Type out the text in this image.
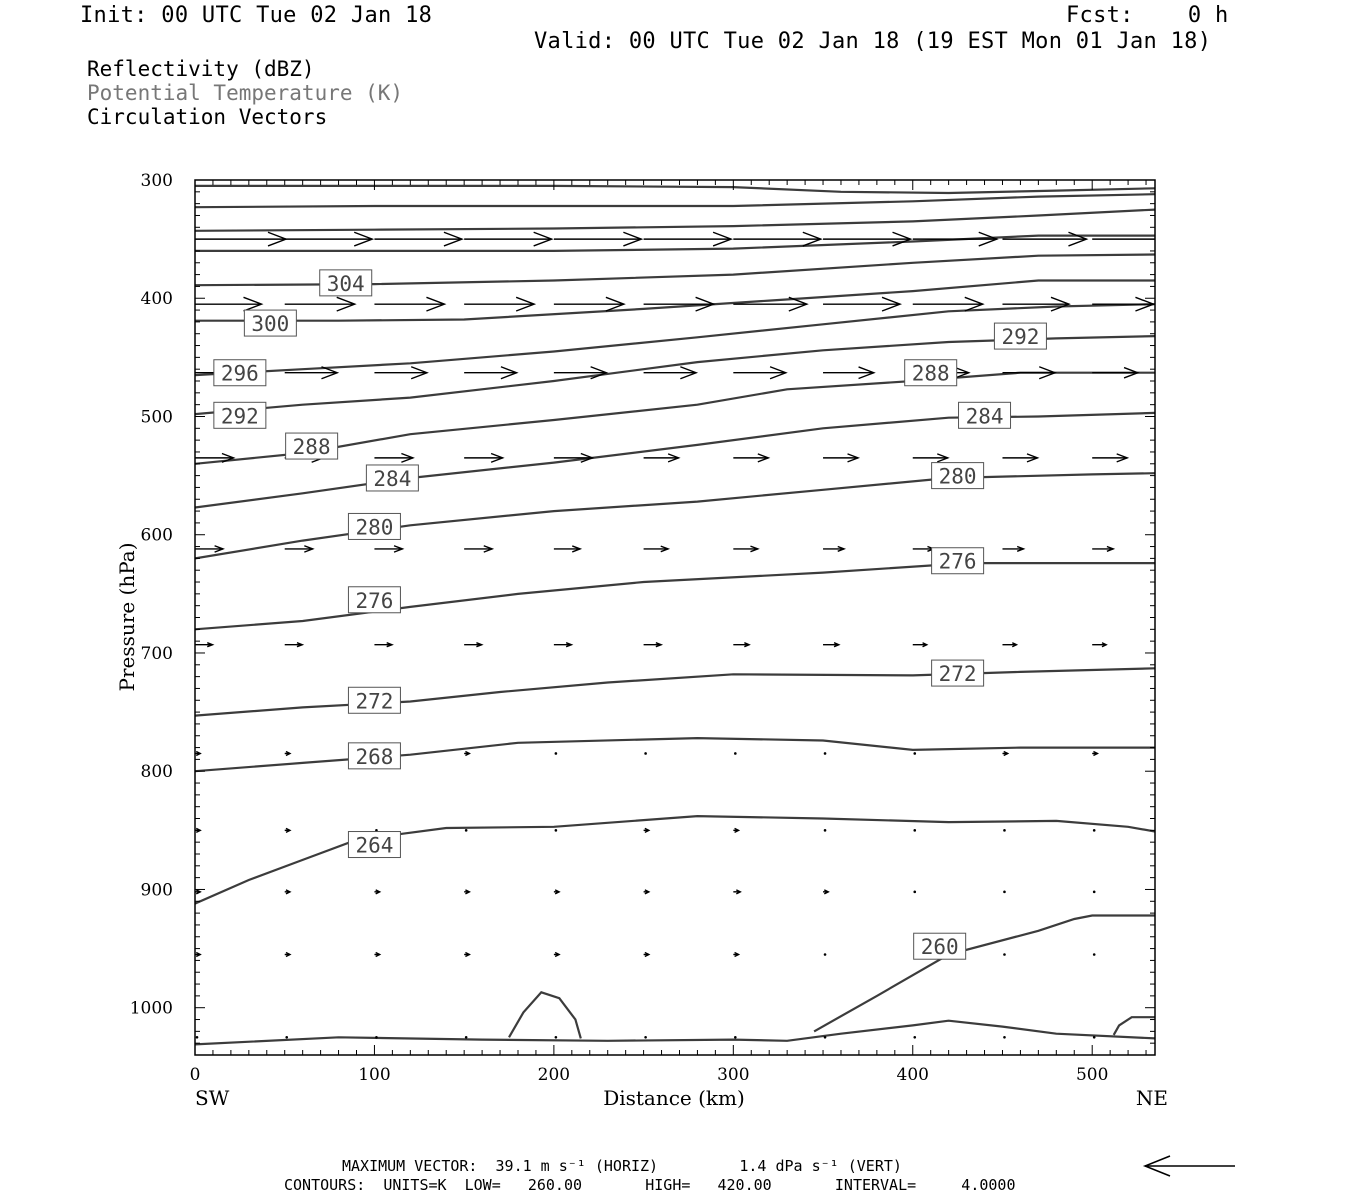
Init: 00 UTC Tue 02 Jan 18	Fcst:    0 h
Valid: 00 UTC Tue 02 Jan 18 (19 EST Mon 01 Jan 18)
Reflectivity (dBZ)
Potential Temperature (K)
Circulation Vectors
260
264
268
272
272
276
276
280
280
284
284
288
288
292
292
296
300
304
300
400
500
600
700
800
900
1000
0	100	200	300	400	500
Distance (km)
Pressure (hPa)
SW	NE
MAXIMUM VECTOR:  39.1 m s⁻¹ (HORIZ)         1.4 dPa s⁻¹ (VERT)
CONTOURS:  UNITS=K  LOW=   260.00       HIGH=   420.00       INTERVAL=     4.0000
